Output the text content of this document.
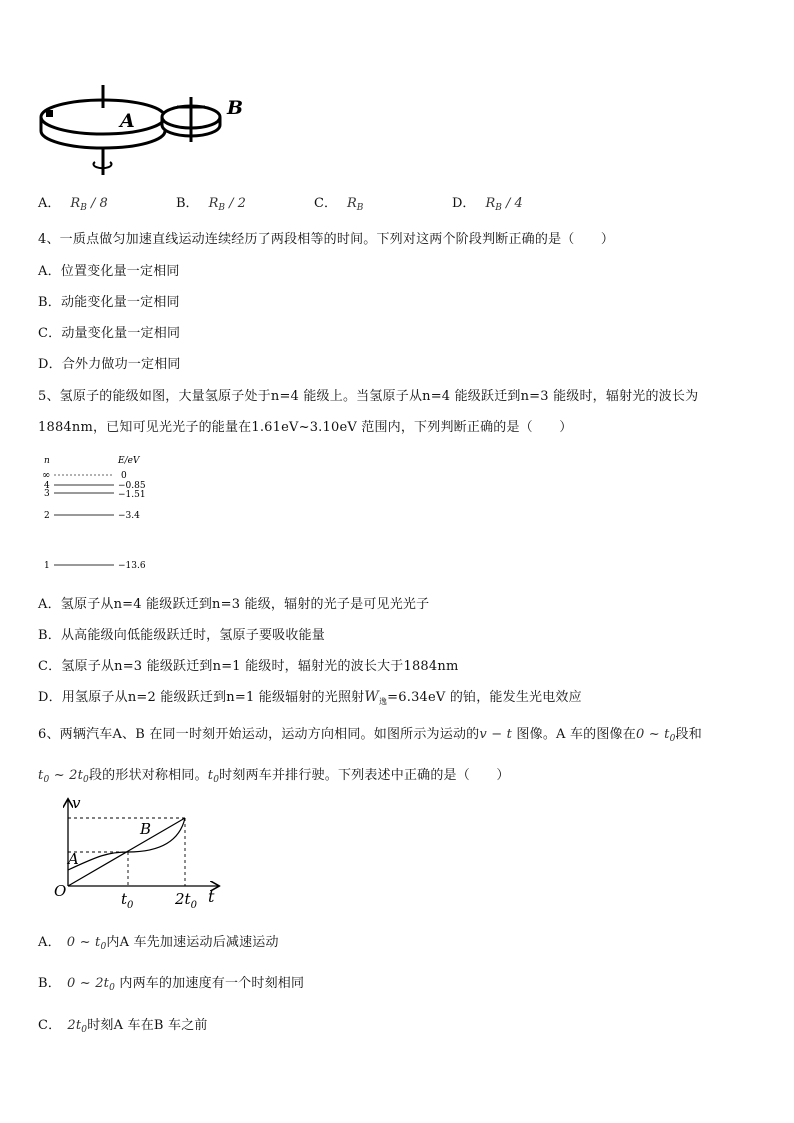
A
B
A． $R_B / 8$	B． $R_B / 2$	C． $R_B$	D． $R_B / 4$
4、一质点做匀加速直线运动连续经历了两段相等的时间。下列对这两个阶段判断正确的是（　　）
A．位置变化量一定相同
B．动能变化量一定相同
C．动量变化量一定相同
D．合外力做功一定相同
5、氢原子的能级如图，大量氢原子处于n=4 能级上。当氢原子从n=4 能级跃迁到n=3 能级时，辐射光的波长为
1884nm，已知可见光光子的能量在1.61eV~3.10eV 范围内，下列判断正确的是（　　）
n	E/eV
∞
4
3
2
1
0
−0.85
−1.51
−3.4
−13.6
A．氢原子从n=4 能级跃迁到n=3 能级，辐射的光子是可见光光子
B．从高能级向低能级跃迁时，氢原子要吸收能量
C．氢原子从n=3 能级跃迁到n=1 能级时，辐射光的波长大于1884nm
D．用氢原子从n=2 能级跃迁到n=1 能级辐射的光照射$W_逸=6.34eV$ 的铂，能发生光电效应
6、两辆汽车A、B 在同一时刻开始运动，运动方向相同。如图所示为运动的v − t 图像。A 车的图像在0 ~ $t_0$段和
$t_0$ ~ $2t_0$段的形状对称相同。$t_0$时刻两车并排行驶。下列表述中正确的是（　　）
v
t
O
A
B
$t_0$	$2t_0$
A． 0 ~ $t_0$内A 车先加速运动后减速运动
B． 0 ~ $2t_0$ 内两车的加速度有一个时刻相同
C． $2t_0$时刻A 车在B 车之前
